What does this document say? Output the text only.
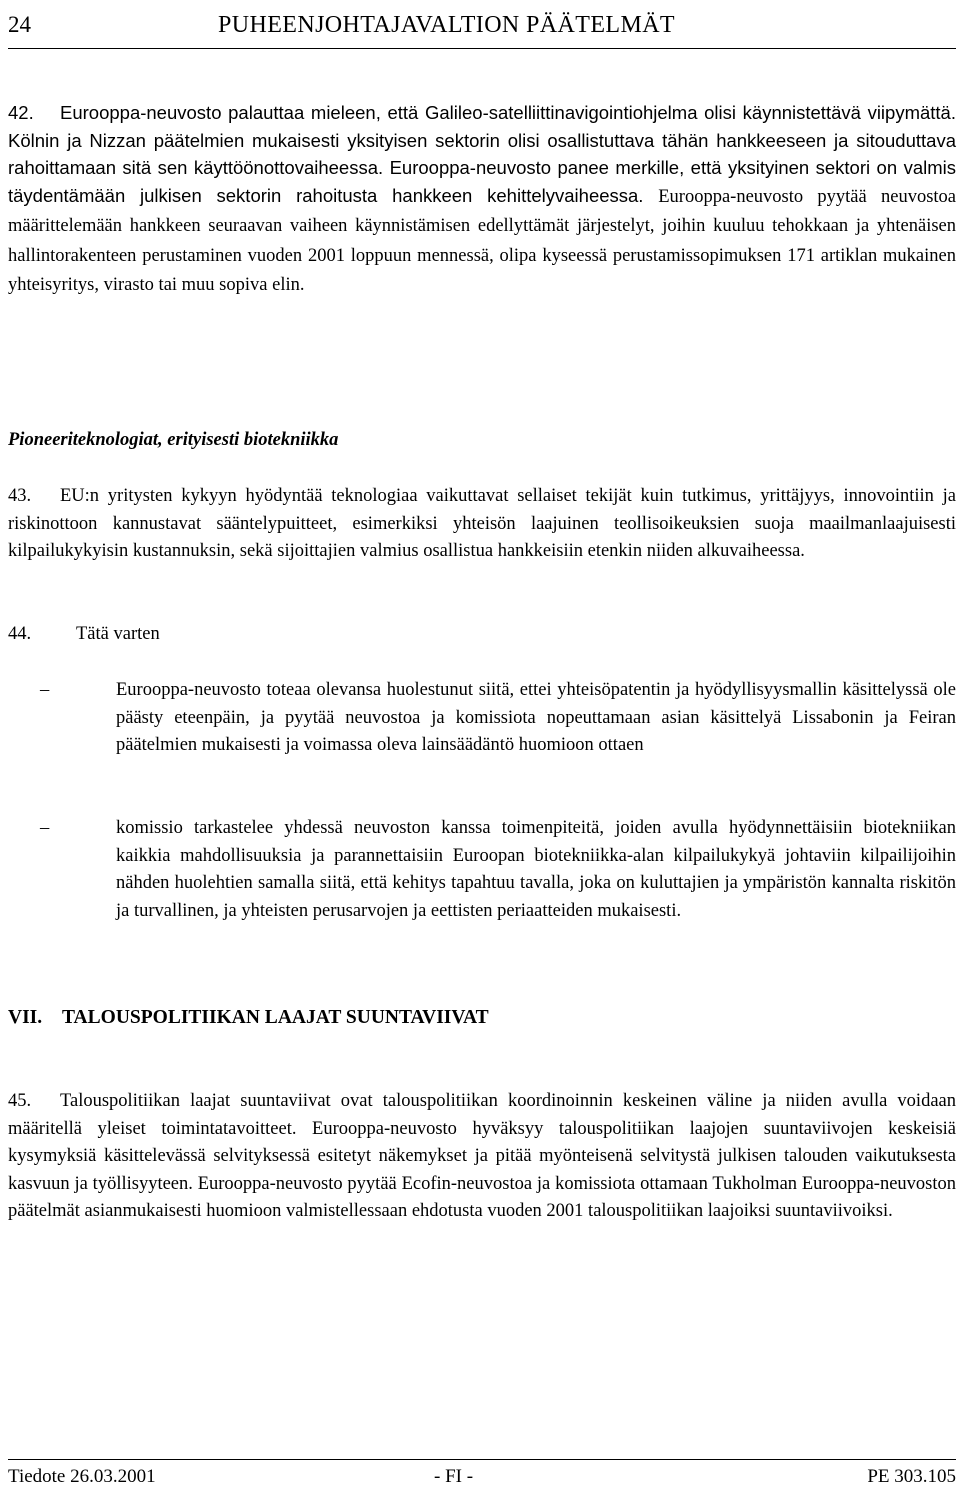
24	PUHEENJOHTAJAVALTION PÄÄTELMÄT

42. Eurooppa-neuvosto palauttaa mieleen, että Galileo-satelliittinavigointiohjelma olisi käynnistettävä viipymättä. Kölnin ja Nizzan päätelmien mukaisesti yksityisen sektorin olisi osallistuttava tähän hankkeeseen ja sitouduttava rahoittamaan sitä sen käyttöönottovaiheessa. Eurooppa-neuvosto panee merkille, että yksityinen sektori on valmis täydentämään julkisen sektorin rahoitusta hankkeen kehittelyvaiheessa. Eurooppa-neuvosto pyytää neuvostoa määrittelemään hankkeen seuraavan vaiheen käynnistämisen edellyttämät järjestelyt, joihin kuuluu tehokkaan ja yhtenäisen hallintorakenteen perustaminen vuoden 2001 loppuun mennessä, olipa kyseessä perustamissopimuksen 171 artiklan mukainen yhteisyritys, virasto tai muu sopiva elin.

Pioneeriteknologiat, erityisesti biotekniikka

43. EU:n yritysten kykyyn hyödyntää teknologiaa vaikuttavat sellaiset tekijät kuin tutkimus, yrittäjyys, innovointiin ja riskinottoon kannustavat sääntelypuitteet, esimerkiksi yhteisön laajuinen teollisoikeuksien suoja maailmanlaajuisesti kilpailukykyisin kustannuksin, sekä sijoittajien valmius osallistua hankkeisiin etenkin niiden alkuvaiheessa.

44. Tätä varten

–	Eurooppa-neuvosto toteaa olevansa huolestunut siitä, ettei yhteisöpatentin ja hyödyllisyysmallin käsittelyssä ole päästy eteenpäin, ja pyytää neuvostoa ja komissiota nopeuttamaan asian käsittelyä Lissabonin ja Feiran päätelmien mukaisesti ja voimassa oleva lainsäädäntö huomioon ottaen

–	komissio tarkastelee yhdessä neuvoston kanssa toimenpiteitä, joiden avulla hyödynnettäisiin biotekniikan kaikkia mahdollisuuksia ja parannettaisiin Euroopan biotekniikka-alan kilpailukykyä johtaviin kilpailijoihin nähden huolehtien samalla siitä, että kehitys tapahtuu tavalla, joka on kuluttajien ja ympäristön kannalta riskitön ja turvallinen, ja yhteisten perusarvojen ja eettisten periaatteiden mukaisesti.

VII. TALOUSPOLITIIKAN LAAJAT SUUNTAVIIVAT

45. Talouspolitiikan laajat suuntaviivat ovat talouspolitiikan koordinoinnin keskeinen väline ja niiden avulla voidaan määritellä yleiset toimintatavoitteet. Eurooppa-neuvosto hyväksyy talouspolitiikan laajojen suuntaviivojen keskeisiä kysymyksiä käsittelevässä selvityksessä esitetyt näkemykset ja pitää myönteisenä selvitystä julkisen talouden vaikutuksesta kasvuun ja työllisyyteen. Eurooppa-neuvosto pyytää Ecofin-neuvostoa ja komissiota ottamaan Tukholman Eurooppa-neuvoston päätelmät asianmukaisesti huomioon valmistellessaan ehdotusta vuoden 2001 talouspolitiikan laajoiksi suuntaviivoiksi.

Tiedote 26.03.2001	- FI -	PE 303.105
